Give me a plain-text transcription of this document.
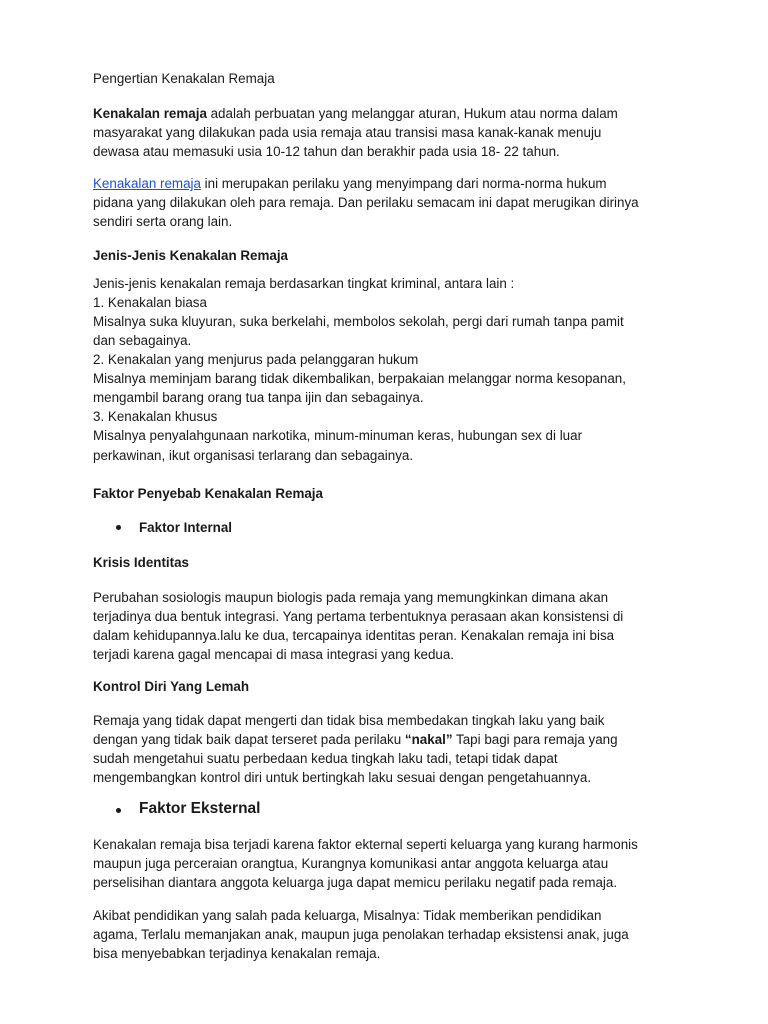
Pengertian Kenakalan Remaja
Kenakalan remaja adalah perbuatan yang melanggar aturan, Hukum atau norma dalam
masyarakat yang dilakukan pada usia remaja atau transisi masa kanak-kanak menuju
dewasa atau memasuki usia 10-12 tahun dan berakhir pada usia 18- 22 tahun.
Kenakalan remaja ini merupakan perilaku yang menyimpang dari norma-norma hukum
pidana yang dilakukan oleh para remaja. Dan perilaku semacam ini dapat merugikan dirinya
sendiri serta orang lain.
Jenis-Jenis Kenakalan Remaja
Jenis-jenis kenakalan remaja berdasarkan tingkat kriminal, antara lain :
1. Kenakalan biasa
Misalnya suka kluyuran, suka berkelahi, membolos sekolah, pergi dari rumah tanpa pamit
dan sebagainya.
2. Kenakalan yang menjurus pada pelanggaran hukum
Misalnya meminjam barang tidak dikembalikan, berpakaian melanggar norma kesopanan,
mengambil barang orang tua tanpa ijin dan sebagainya.
3. Kenakalan khusus
Misalnya penyalahgunaan narkotika, minum-minuman keras, hubungan sex di luar
perkawinan, ikut organisasi terlarang dan sebagainya.
Faktor Penyebab Kenakalan Remaja
Faktor Internal
Krisis Identitas
Perubahan sosiologis maupun biologis pada remaja yang memungkinkan dimana akan
terjadinya dua bentuk integrasi. Yang pertama terbentuknya perasaan akan konsistensi di
dalam kehidupannya.lalu ke dua, tercapainya identitas peran. Kenakalan remaja ini bisa
terjadi karena gagal mencapai di masa integrasi yang kedua.
Kontrol Diri Yang Lemah
Remaja yang tidak dapat mengerti dan tidak bisa membedakan tingkah laku yang baik
dengan yang tidak baik dapat terseret pada perilaku “nakal” Tapi bagi para remaja yang
sudah mengetahui suatu perbedaan kedua tingkah laku tadi, tetapi tidak dapat
mengembangkan kontrol diri untuk bertingkah laku sesuai dengan pengetahuannya.
Faktor Eksternal
Kenakalan remaja bisa terjadi karena faktor ekternal seperti keluarga yang kurang harmonis
maupun juga perceraian orangtua, Kurangnya komunikasi antar anggota keluarga atau
perselisihan diantara anggota keluarga juga dapat memicu perilaku negatif pada remaja.
Akibat pendidikan yang salah pada keluarga, Misalnya: Tidak memberikan pendidikan
agama, Terlalu memanjakan anak, maupun juga penolakan terhadap eksistensi anak, juga
bisa menyebabkan terjadinya kenakalan remaja.
